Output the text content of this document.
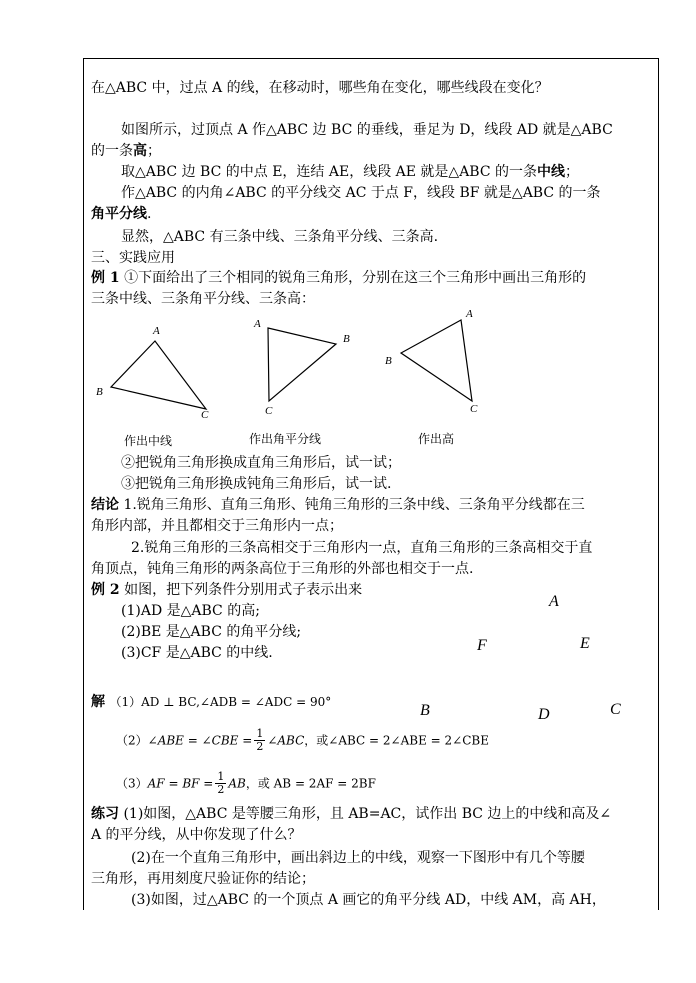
在△ABC 中，过点 A 的线，在移动时，哪些角在变化，哪些线段在变化？
如图所示，过顶点 A 作△ABC 边 BC 的垂线，垂足为 D，线段 AD 就是△ABC
的一条高；
取△ABC 边 BC 的中点 E，连结 AE，线段 AE 就是△ABC 的一条中线；
作△ABC 的内角∠ABC 的平分线交 AC 于点 F，线段 BF 就是△ABC 的一条
角平分线.
显然，△ABC 有三条中线、三条角平分线、三条高.
三、实践应用
例 1 ①下面给出了三个相同的锐角三角形，分别在这三个三角形中画出三角形的
三条中线、三条角平分线、三条高：
A
B
C
A
B
C
A
B
C
作出中线	作出角平分线	作出高
②把锐角三角形换成直角三角形后，试一试；
③把锐角三角形换成钝角三角形后，试一试.
结论 1.锐角三角形、直角三角形、钝角三角形的三条中线、三条角平分线都在三
角形内部，并且都相交于三角形内一点；
2.锐角三角形的三条高相交于三角形内一点，直角三角形的三条高相交于直
角顶点，钝角三角形的两条高位于三角形的外部也相交于一点.
例 2 如图，把下列条件分别用式子表示出来
(1)AD 是△ABC 的高;
(2)BE 是△ABC 的角平分线;
(3)CF 是△ABC 的中线.
A
F	E
B	D	C
解 （1）AD ⊥ BC,∠ADB = ∠ADC = 90°
（2）∠ABE = ∠CBE = $\frac{1}{2}$ ∠ABC，或∠ABC = 2∠ABE = 2∠CBE
（3）AF = BF = $\frac{1}{2}$ AB，或 AB = 2AF = 2BF
练习 (1)如图，△ABC 是等腰三角形，且 AB=AC，试作出 BC 边上的中线和高及∠
A 的平分线，从中你发现了什么？
(2)在一个直角三角形中，画出斜边上的中线，观察一下图形中有几个等腰
三角形，再用刻度尺验证你的结论；
(3)如图，过△ABC 的一个顶点 A 画它的角平分线 AD，中线 AM，高 AH，
